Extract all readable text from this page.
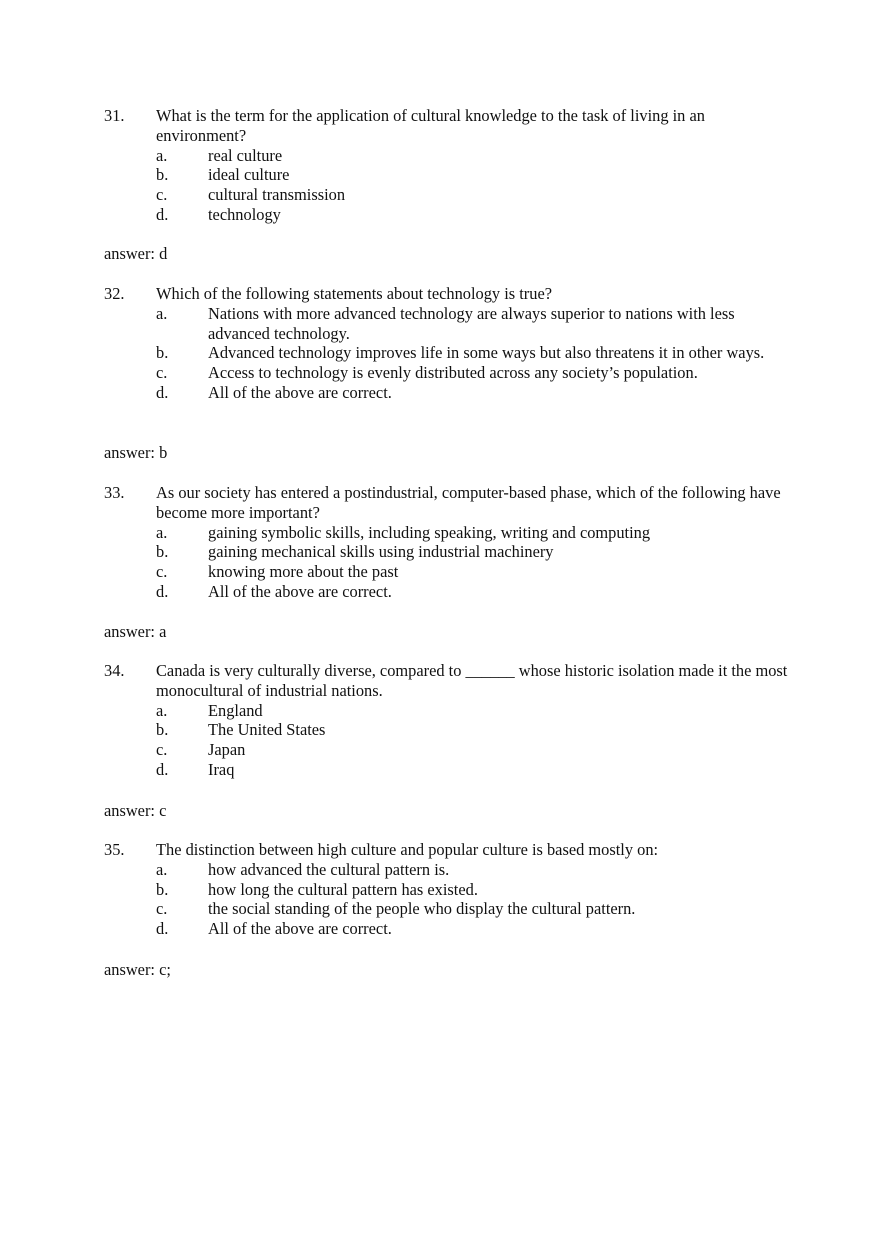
31. What is the term for the application of cultural knowledge to the task of living in an environment?
a. real culture
b. ideal culture
c. cultural transmission
d. technology
answer: d
32. Which of the following statements about technology is true?
a. Nations with more advanced technology are always superior to nations with less advanced technology.
b. Advanced technology improves life in some ways but also threatens it in other ways.
c. Access to technology is evenly distributed across any society’s population.
d. All of the above are correct.
answer: b
33. As our society has entered a postindustrial, computer-based phase, which of the following have become more important?
a. gaining symbolic skills, including speaking, writing and computing
b. gaining mechanical skills using industrial machinery
c. knowing more about the past
d. All of the above are correct.
answer: a
34. Canada is very culturally diverse, compared to ______ whose historic isolation made it the most monocultural of industrial nations.
a. England
b. The United States
c. Japan
d. Iraq
answer: c
35. The distinction between high culture and popular culture is based mostly on:
a. how advanced the cultural pattern is.
b. how long the cultural pattern has existed.
c. the social standing of the people who display the cultural pattern.
d. All of the above are correct.
answer: c;
